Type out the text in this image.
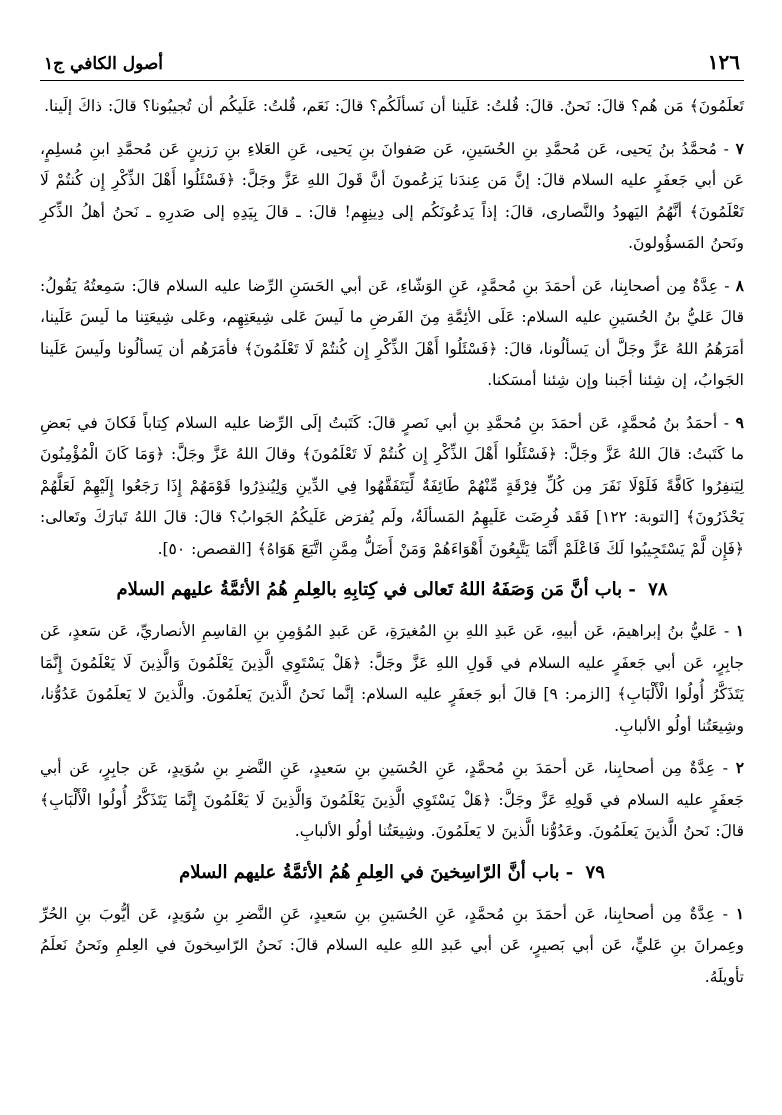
١٢٦
أصول الكافي ج١

تَعلَمُونَ﴾ مَن هُم؟ قالَ: نَحنُ. قالَ: قُلتُ: عَلَينا أن نَسألَكُم؟ قالَ: نَعَم، قُلتُ: عَلَيكُم أن تُجيبُونا؟ قالَ: ذاكَ إلَينا.

٧ - مُحمَّدُ بنُ يَحيى، عَن مُحمَّدِ بنِ الحُسَينِ، عَن صَفوانَ بنِ يَحيى، عَنِ العَلاءِ بنِ رَزينٍ عَن مُحمَّدِ ابنِ مُسلِمٍ، عَن أبي جَعفَرٍ عليه السلام قالَ: إنَّ مَن عِندَنا يَزعُمونَ أنَّ قَولَ اللهِ عَزَّ وجَلَّ: ﴿فَسْئَلُوا أَهْلَ الذِّكْرِ إِن كُنتُمْ لَا تَعْلَمُونَ﴾ أنَّهُمُ اليَهودُ والنَّصارى، قالَ: إذاً يَدعُونَكُم إلى دِينِهِم! قالَ: ـ قالَ بِيَدِهِ إلى صَدرِهِ ـ نَحنُ أهلُ الذِّكرِ ونَحنُ المَسؤُولونَ.

٨ - عِدَّةٌ مِن أصحابِنا، عَن أحمَدَ بنِ مُحمَّدٍ، عَنِ الوَشّاءِ، عَن أبي الحَسَنِ الرِّضا عليه السلام قالَ: سَمِعتُهُ يَقُولُ: قالَ عَليُّ بنُ الحُسَينِ عليه السلام: عَلَى الأئِمَّةِ مِنَ الفَرضِ ما لَيسَ عَلى شِيعَتِهِم، وعَلى شِيعَتِنا ما لَيسَ عَلَينا، أمَرَهُمُ اللهُ عَزَّ وجَلَّ أن يَسألُونا، قالَ: ﴿فَسْئَلُوا أَهْلَ الذِّكْرِ إِن كُنتُمْ لَا تَعْلَمُونَ﴾ فأمَرَهُم أن يَسألُونا ولَيسَ عَلَينا الجَوابُ، إن شِئنا أجَبنا وإن شِئنا أمسَكنا.

٩ - أحمَدُ بنُ مُحمَّدٍ، عَن أحمَدَ بنِ مُحمَّدِ بنِ أبي نَصرٍ قالَ: كَتَبتُ إلَى الرِّضا عليه السلام كِتاباً فَكانَ في بَعضِ ما كَتَبتُ: قالَ اللهُ عَزَّ وجَلَّ: ﴿فَسْئَلُوا أَهْلَ الذِّكْرِ إِن كُنتُمْ لَا تَعْلَمُونَ﴾ وقالَ اللهُ عَزَّ وجَلَّ: ﴿وَمَا كَانَ الْمُؤْمِنُونَ لِيَنفِرُوا كَافَّةً فَلَوْلَا نَفَرَ مِن كُلِّ فِرْقَةٍ مِّنْهُمْ طَائِفَةٌ لِّيَتَفَقَّهُوا فِي الدِّينِ وَلِيُنذِرُوا قَوْمَهُمْ إِذَا رَجَعُوا إِلَيْهِمْ لَعَلَّهُمْ يَحْذَرُونَ﴾ [التوبة: ١٢٢] فَقَد فُرِضَت عَلَيهِمُ المَسألَةُ، ولَم يُفرَض عَلَيكُمُ الجَوابُ؟ قالَ: قالَ اللهُ تَبارَكَ وتَعالى: ﴿فَإِن لَّمْ يَسْتَجِيبُوا لَكَ فَاعْلَمْ أَنَّمَا يَتَّبِعُونَ أَهْوَاءَهُمْ وَمَنْ أَضَلُّ مِمَّنِ اتَّبَعَ هَوَاهُ﴾ [القصص: ٥٠].

٧٨ - باب أنَّ مَن وَصَفَهُ اللهُ تَعالى في كِتابِهِ بالعِلمِ هُمُ الأئمَّةُ عليهم السلام

١ - عَليُّ بنُ إبراهيمَ، عَن أبيهِ، عَن عَبدِ اللهِ بنِ المُغيرَةِ، عَن عَبدِ المُؤمِنِ بنِ القاسِمِ الأنصاريِّ، عَن سَعدٍ، عَن جابِرٍ، عَن أبي جَعفَرٍ عليه السلام في قَولِ اللهِ عَزَّ وجَلَّ: ﴿هَلْ يَسْتَوِي الَّذِينَ يَعْلَمُونَ وَالَّذِينَ لَا يَعْلَمُونَ إِنَّمَا يَتَذَكَّرُ أُولُوا الْأَلْبَابِ﴾ [الزمر: ٩] قالَ أبو جَعفَرٍ عليه السلام: إنَّما نَحنُ الَّذينَ يَعلَمُونَ. والَّذينَ لا يَعلَمُونَ عَدُوُّنا، وشِيعَتُنا أولُو الألبابِ.

٢ - عِدَّةٌ مِن أصحابِنا، عَن أحمَدَ بنِ مُحمَّدٍ، عَنِ الحُسَينِ بنِ سَعيدٍ، عَنِ النَّضرِ بنِ سُوَيدٍ، عَن جابِرٍ، عَن أبي جَعفَرٍ عليه السلام في قَولِهِ عَزَّ وجَلَّ: ﴿هَلْ يَسْتَوِي الَّذِينَ يَعْلَمُونَ وَالَّذِينَ لَا يَعْلَمُونَ إِنَّمَا يَتَذَكَّرُ أُولُوا الْأَلْبَابِ﴾ قالَ: نَحنُ الَّذينَ يَعلَمُونَ. وعَدُوُّنا الَّذينَ لا يَعلَمُونَ. وشِيعَتُنا أولُو الألبابِ.

٧٩ - باب أنَّ الرّاسِخينَ في العِلمِ هُمُ الأئمَّةُ عليهم السلام

١ - عِدَّةٌ مِن أصحابِنا، عَن أحمَدَ بنِ مُحمَّدٍ، عَنِ الحُسَينِ بنِ سَعيدٍ، عَنِ النَّضرِ بنِ سُوَيدٍ، عَن أيُّوبَ بنِ الحُرِّ وعِمرانَ بنِ عَليٍّ، عَن أبي بَصيرٍ، عَن أبي عَبدِ اللهِ عليه السلام قالَ: نَحنُ الرّاسِخونَ في العِلمِ ونَحنُ نَعلَمُ تأويلَهُ.
